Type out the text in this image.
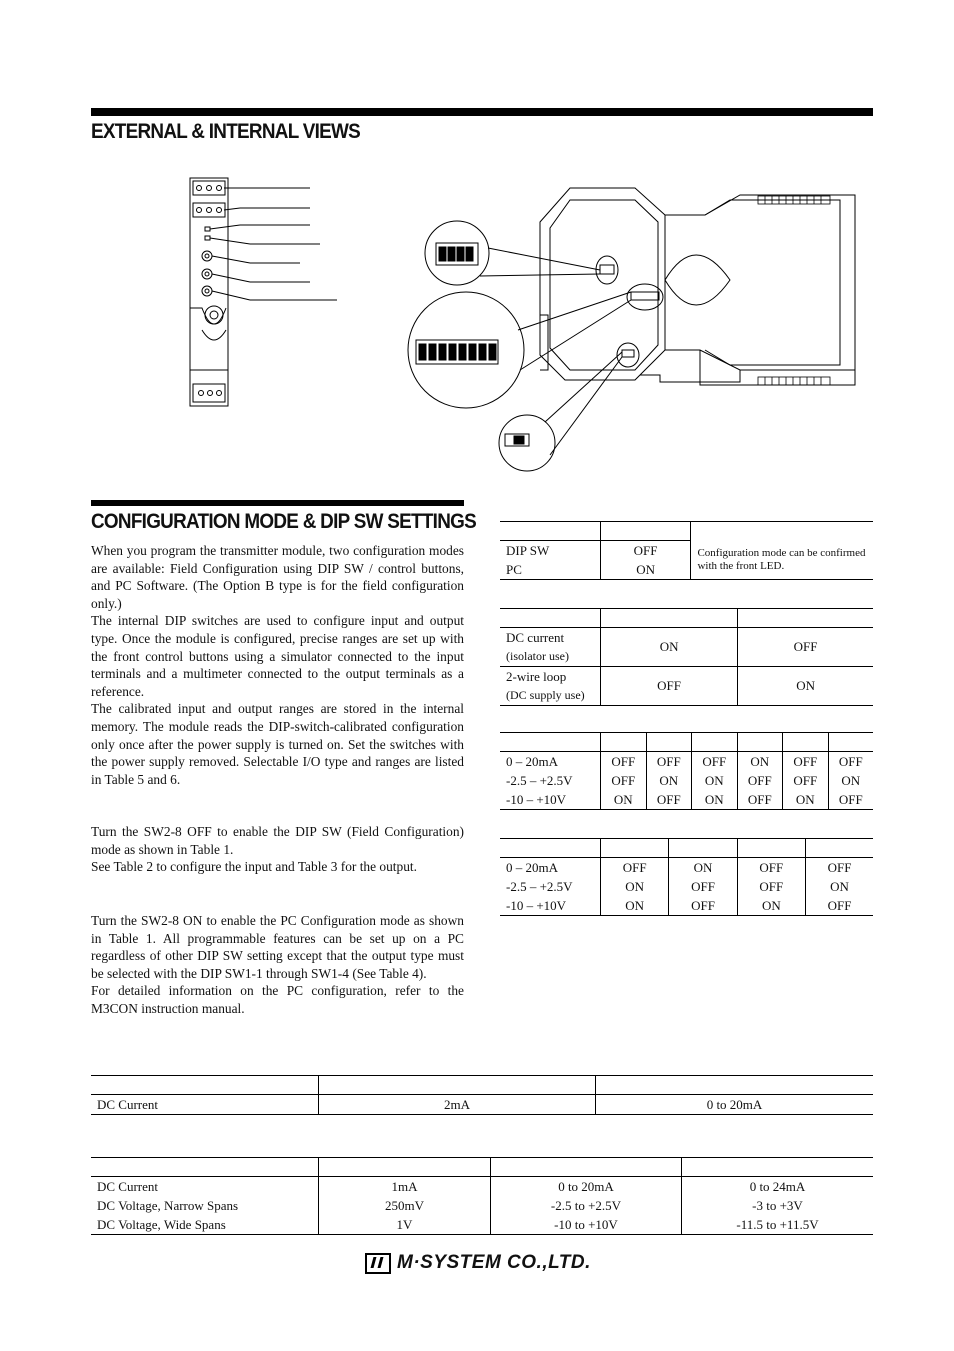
EXTERNAL & INTERNAL VIEWS
CONFIGURATION MODE & DIP SW SETTINGS

When you program the transmitter module, two configuration modes are available: Field Configuration using DIP SW / control buttons, and PC Software. (The Option B type is for the field configuration only.)

The internal DIP switches are used to configure input and output type. Once the module is configured, precise ranges are set up with the front control buttons using a simulator connected to the input terminals and a multimeter connected to the output terminals as a reference.

The calibrated input and output ranges are stored in the internal memory. The module reads the DIP-switch-calibrated configuration only once after the power supply is turned on. Set the switches with the power supply removed. Selectable I/O type and ranges are listed in Table 5 and 6.

Turn the SW2-8 OFF to enable the DIP SW (Field Configuration) mode as shown in Table 1.

See Table 2 to configure the input and Table 3 for the output.

Turn the SW2-8 ON to enable the PC Configuration mode as shown in Table 1. All programmable features can be set up on a PC regardless of other DIP SW setting except that the output type must be selected with the DIP SW1-1 through SW1-4 (See Table 4).

For detailed information on the PC configuration, refer to the M3CON instruction manual.

DIP SW	OFF	Configuration mode can be confirmed with the front LED.
PC	ON	

DC current
(isolator use)	ON	OFF

2-wire loop
(DC supply use)	OFF	ON

0 – 20mA	OFF	OFF	OFF	ON	OFF	OFF
-2.5 – +2.5V	OFF	ON	ON	OFF	OFF	ON
-10 – +10V	ON	OFF	ON	OFF	ON	OFF

0 – 20mA	OFF	ON	OFF	OFF
-2.5 – +2.5V	ON	OFF	OFF	ON
-10 – +10V	ON	OFF	ON	OFF

DC Current	2mA	0 to 20mA

DC Current	1mA	0 to 20mA	0 to 24mA
DC Voltage, Narrow Spans	250mV	-2.5 to +2.5V	-3 to +3V
DC Voltage, Wide Spans	1V	-10 to +10V	-11.5 to +11.5V
M·SYSTEM CO.,LTD.
